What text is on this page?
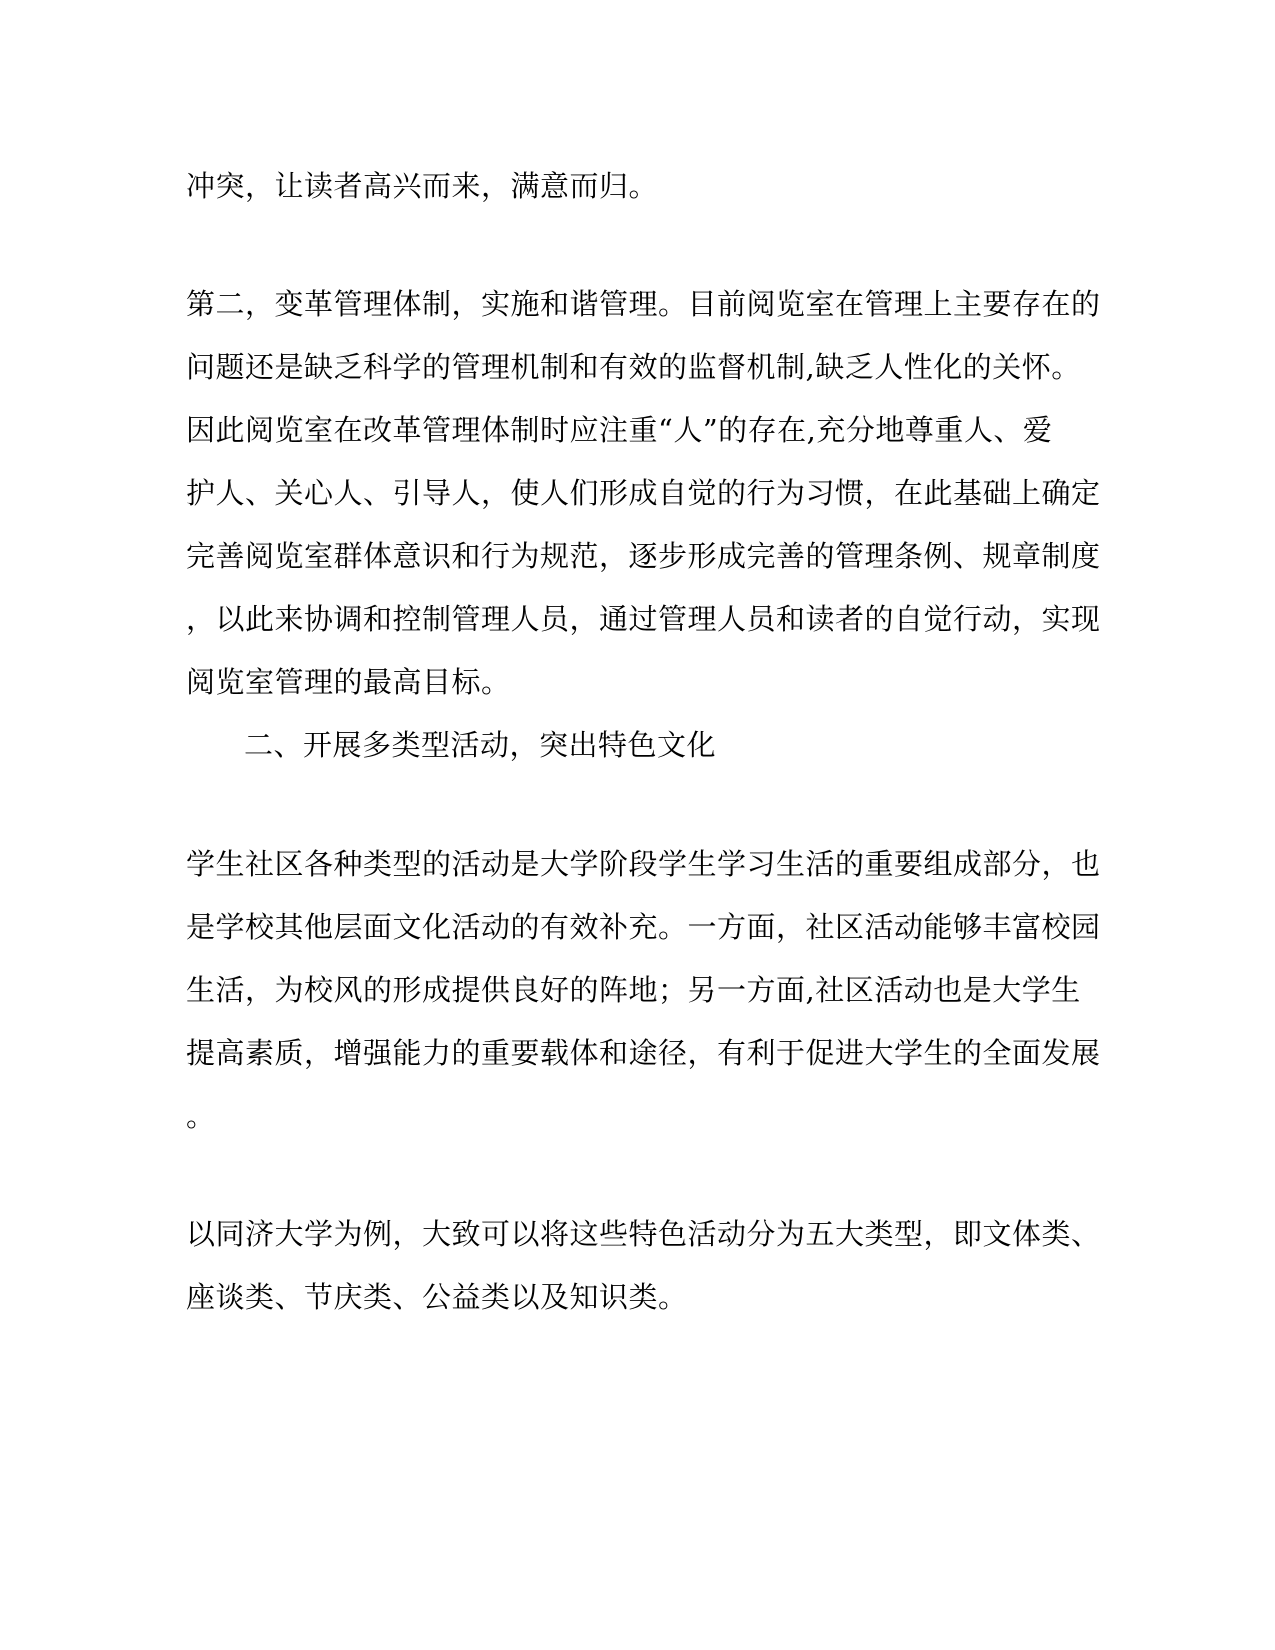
冲突，让读者高兴而来，满意而归。

第二，变革管理体制，实施和谐管理。目前阅览室在管理上主要存在的

问题还是缺乏科学的管理机制和有效的监督机制,缺乏人性化的关怀。

因此阅览室在改革管理体制时应注重“人”的存在,充分地尊重人、爱

护人、关心人、引导人，使人们形成自觉的行为习惯，在此基础上确定

完善阅览室群体意识和行为规范，逐步形成完善的管理条例、规章制度

，以此来协调和控制管理人员，通过管理人员和读者的自觉行动，实现

阅览室管理的最高目标。

二、开展多类型活动，突出特色文化

学生社区各种类型的活动是大学阶段学生学习生活的重要组成部分，也

是学校其他层面文化活动的有效补充。一方面，社区活动能够丰富校园

生活，为校风的形成提供良好的阵地；另一方面,社区活动也是大学生

提高素质，增强能力的重要载体和途径，有利于促进大学生的全面发展

。

以同济大学为例，大致可以将这些特色活动分为五大类型，即文体类、

座谈类、节庆类、公益类以及知识类。
